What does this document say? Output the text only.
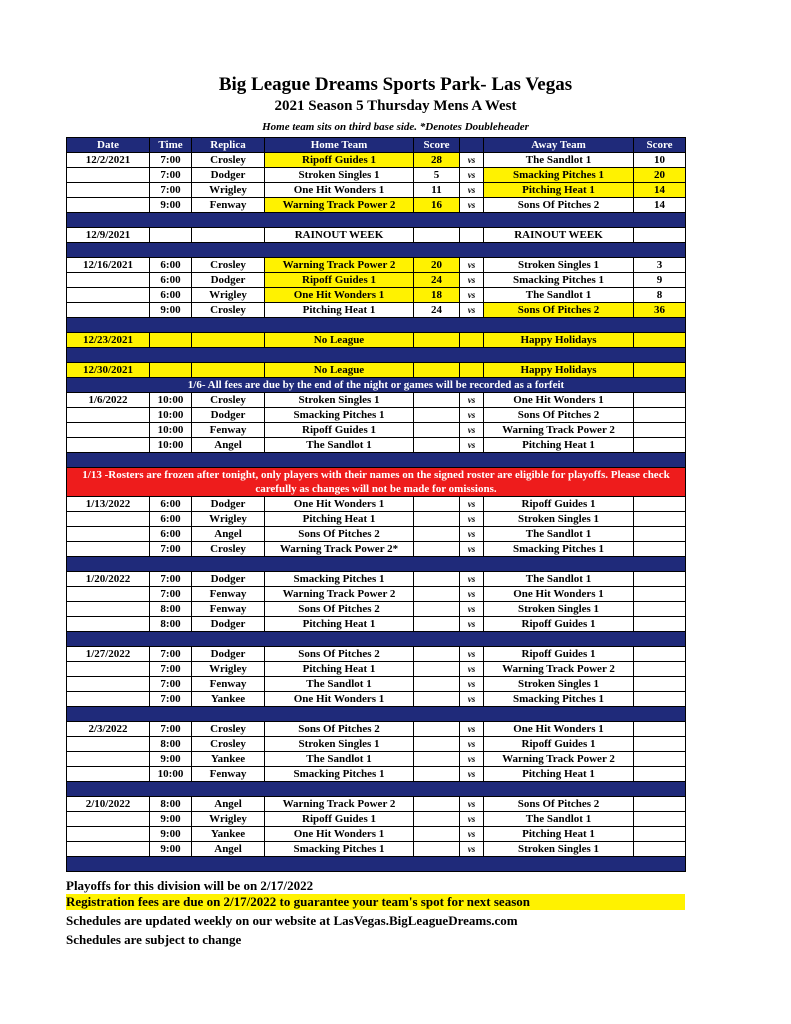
Big League Dreams Sports Park- Las Vegas
2021 Season 5 Thursday Mens A West
Home team sits on third base side. *Denotes Doubleheader
Date	Time	Replica	Home Team	Score		Away Team	Score
12/2/2021	7:00	Crosley	Ripoff Guides 1	28	vs	The Sandlot 1	10
	7:00	Dodger	Stroken Singles 1	5	vs	Smacking Pitches 1	20
	7:00	Wrigley	One Hit Wonders 1	11	vs	Pitching Heat 1	14
	9:00	Fenway	Warning Track Power 2	16	vs	Sons Of Pitches 2	14

12/9/2021			RAINOUT WEEK			RAINOUT WEEK	

12/16/2021	6:00	Crosley	Warning Track Power 2	20	vs	Stroken Singles 1	3
	6:00	Dodger	Ripoff Guides 1	24	vs	Smacking Pitches 1	9
	6:00	Wrigley	One Hit Wonders 1	18	vs	The Sandlot 1	8
	9:00	Crosley	Pitching Heat 1	24	vs	Sons Of Pitches 2	36

12/23/2021			No League			Happy Holidays	

12/30/2021			No League			Happy Holidays	
1/6- All fees are due by the end of the night or games will be recorded as a forfeit							
1/6/2022	10:00	Crosley	Stroken Singles 1		vs	One Hit Wonders 1	
	10:00	Dodger	Smacking Pitches 1		vs	Sons Of Pitches 2	
	10:00	Fenway	Ripoff Guides 1		vs	Warning Track Power 2	
	10:00	Angel	The Sandlot 1		vs	Pitching Heat 1	

1/13 -Rosters are frozen after tonight, only players with their names on the signed roster are eligible for playoffs. Please check carefully as changes will not be made for omissions.							
1/13/2022	6:00	Dodger	One Hit Wonders 1		vs	Ripoff Guides 1	
	6:00	Wrigley	Pitching Heat 1		vs	Stroken Singles 1	
	6:00	Angel	Sons Of Pitches 2		vs	The Sandlot 1	
	7:00	Crosley	Warning Track Power 2*		vs	Smacking Pitches 1	

1/20/2022	7:00	Dodger	Smacking Pitches 1		vs	The Sandlot 1	
	7:00	Fenway	Warning Track Power 2		vs	One Hit Wonders 1	
	8:00	Fenway	Sons Of Pitches 2		vs	Stroken Singles 1	
	8:00	Dodger	Pitching Heat 1		vs	Ripoff Guides 1	

1/27/2022	7:00	Dodger	Sons Of Pitches 2		vs	Ripoff Guides 1	
	7:00	Wrigley	Pitching Heat 1		vs	Warning Track Power 2	
	7:00	Fenway	The Sandlot 1		vs	Stroken Singles 1	
	7:00	Yankee	One Hit Wonders 1		vs	Smacking Pitches 1	

2/3/2022	7:00	Crosley	Sons Of Pitches 2		vs	One Hit Wonders 1	
	8:00	Crosley	Stroken Singles 1		vs	Ripoff Guides 1	
	9:00	Yankee	The Sandlot 1		vs	Warning Track Power 2	
	10:00	Fenway	Smacking Pitches 1		vs	Pitching Heat 1	

2/10/2022	8:00	Angel	Warning Track Power 2		vs	Sons Of Pitches 2	
	9:00	Wrigley	Ripoff Guides 1		vs	The Sandlot 1	
	9:00	Yankee	One Hit Wonders 1		vs	Pitching Heat 1	
	9:00	Angel	Smacking Pitches 1		vs	Stroken Singles 1	

Playoffs for this division will be on 2/17/2022
Registration fees are due on 2/17/2022 to guarantee your team's spot for next season
Schedules are updated weekly on our website at LasVegas.BigLeagueDreams.com
Schedules are subject to change
